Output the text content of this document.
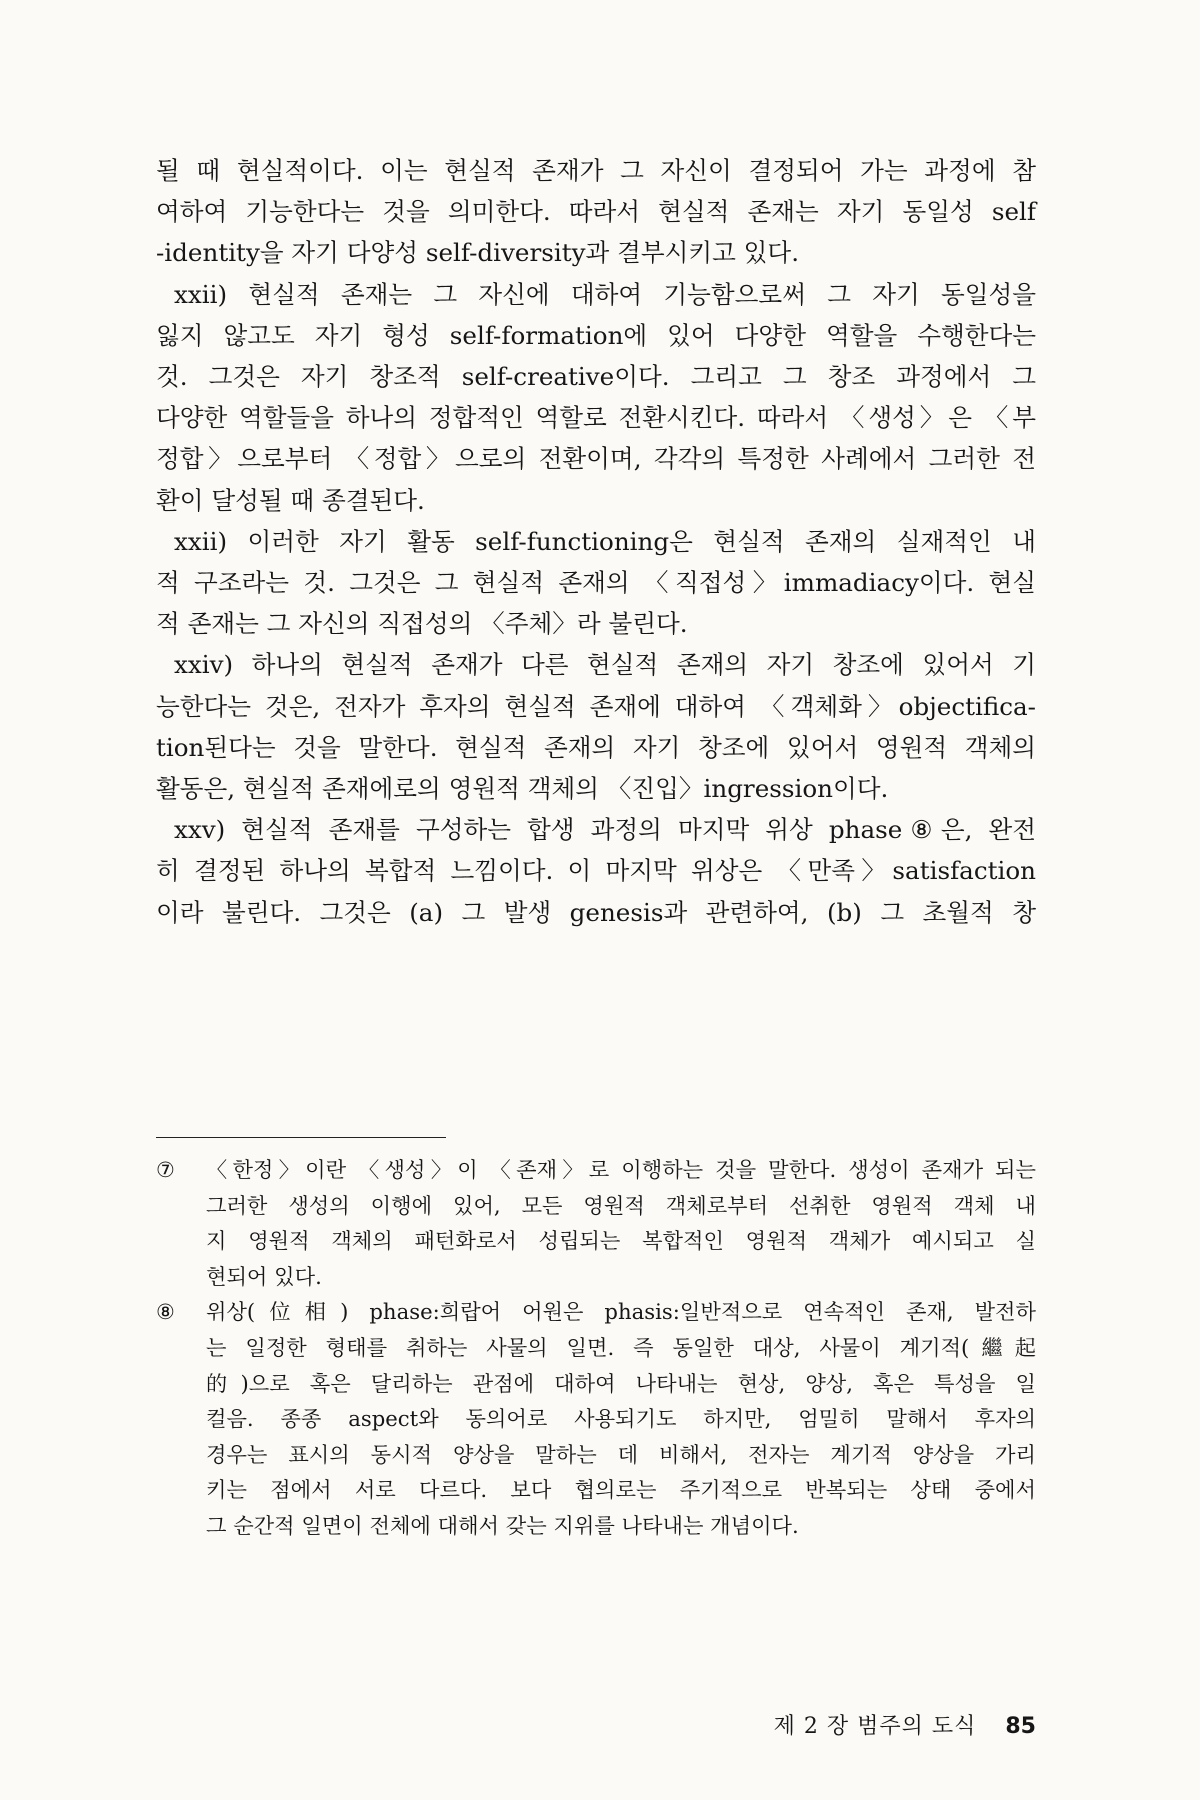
될 때 현실적이다. 이는 현실적 존재가 그 자신이 결정되어 가는 과정에 참
여하여 기능한다는 것을 의미한다. 따라서 현실적 존재는 자기 동일성 self
-identity을 자기 다양성 self-diversity과 결부시키고 있다.

xxii) 현실적 존재는 그 자신에 대하여 기능함으로써 그 자기 동일성을
잃지 않고도 자기 형성 self-formation에 있어 다양한 역할을 수행한다는
것. 그것은 자기 창조적 self-creative이다. 그리고 그 창조 과정에서 그
다양한 역할들을 하나의 정합적인 역할로 전환시킨다. 따라서 〈생성〉은 〈부
정합〉으로부터 〈정합〉으로의 전환이며, 각각의 특정한 사례에서 그러한 전
환이 달성될 때 종결된다.

xxii) 이러한 자기 활동 self-functioning은 현실적 존재의 실재적인 내
적 구조라는 것. 그것은 그 현실적 존재의 〈직접성〉immadiacy이다. 현실
적 존재는 그 자신의 직접성의 〈주체〉라 불린다.

xxiv) 하나의 현실적 존재가 다른 현실적 존재의 자기 창조에 있어서 기
능한다는 것은, 전자가 후자의 현실적 존재에 대하여 〈객체화〉objectifica-
tion된다는 것을 말한다. 현실적 존재의 자기 창조에 있어서 영원적 객체의
활동은, 현실적 존재에로의 영원적 객체의 〈진입〉ingression이다.

xxv) 현실적 존재를 구성하는 합생 과정의 마지막 위상 phase⑧은, 완전
히 결정된 하나의 복합적 느낌이다. 이 마지막 위상은 〈만족〉satisfaction
이라 불린다. 그것은 (a) 그 발생 genesis과 관련하여, (b) 그 초월적 창

⑦ 〈한정〉이란 〈생성〉이 〈존재〉로 이행하는 것을 말한다. 생성이 존재가 되는
그러한 생성의 이행에 있어, 모든 영원적 객체로부터 선취한 영원적 객체 내
지 영원적 객체의 패턴화로서 성립되는 복합적인 영원적 객체가 예시되고 실
현되어 있다.

⑧ 위상(位相) phase:희랍어 어원은 phasis:일반적으로 연속적인 존재, 발전하
는 일정한 형태를 취하는 사물의 일면. 즉 동일한 대상, 사물이 계기적(繼起
的)으로 혹은 달리하는 관점에 대하여 나타내는 현상, 양상, 혹은 특성을 일
컬음. 종종 aspect와 동의어로 사용되기도 하지만, 엄밀히 말해서 후자의
경우는 표시의 동시적 양상을 말하는 데 비해서, 전자는 계기적 양상을 가리
키는 점에서 서로 다르다. 보다 협의로는 주기적으로 반복되는 상태 중에서
그 순간적 일면이 전체에 대해서 갖는 지위를 나타내는 개념이다.

제 2 장 범주의 도식 85
